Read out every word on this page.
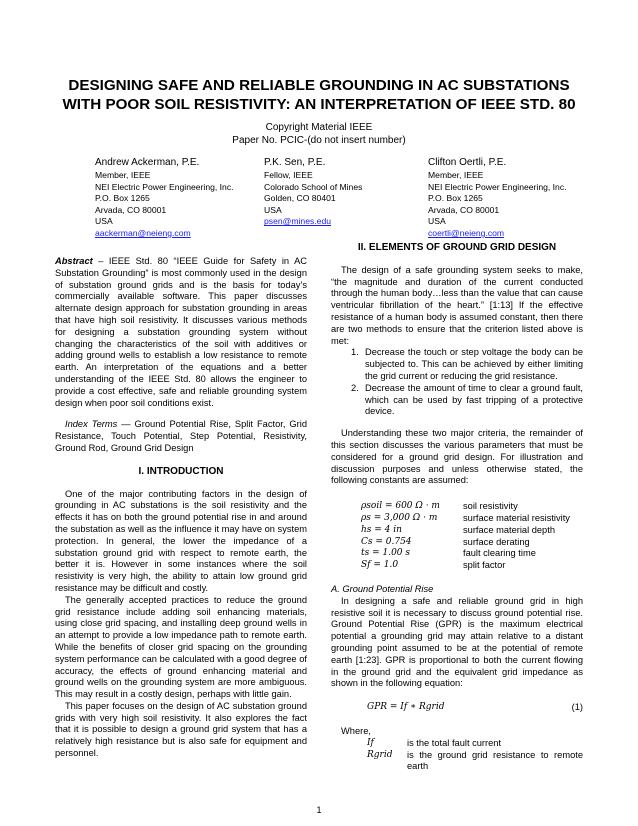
DESIGNING SAFE AND RELIABLE GROUNDING IN AC SUBSTATIONS
WITH POOR SOIL RESISTIVITY: AN INTERPRETATION OF IEEE STD. 80
Copyright Material IEEE
Paper No. PCIC-(do not insert number)
Andrew Ackerman, P.E.
Member, IEEE
NEI Electric Power Engineering, Inc.
P.O. Box 1265
Arvada, CO 80001
USA
aackerman@neieng.com
P.K. Sen, P.E.
Fellow, IEEE
Colorado School of Mines
Golden, CO 80401
USA
psen@mines.edu
Clifton Oertli, P.E.
Member, IEEE
NEI Electric Power Engineering, Inc.
P.O. Box 1265
Arvada, CO 80001
USA
coertli@neieng.com

Abstract – IEEE Std. 80 “IEEE Guide for Safety in AC Substation Grounding” is most commonly used in the design of substation ground grids and is the basis for today’s commercially available software. This paper discusses alternate design approach for substation grounding in areas that have high soil resistivity. It discusses various methods for designing a substation grounding system without changing the characteristics of the soil with additives or adding ground wells to establish a low resistance to remote earth. An interpretation of the equations and a better understanding of the IEEE Std. 80 allows the engineer to provide a cost effective, safe and reliable grounding system design when poor soil conditions exist.

Index Terms — Ground Potential Rise, Split Factor, Grid Resistance, Touch Potential, Step Potential, Resistivity, Ground Rod, Ground Grid Design

I. INTRODUCTION

One of the major contributing factors in the design of grounding in AC substations is the soil resistivity and the effects it has on both the ground potential rise in and around the substation as well as the influence it may have on system protection. In general, the lower the impedance of a substation ground grid with respect to remote earth, the better it is. However in some instances where the soil resistivity is very high, the ability to attain low ground grid resistance may be difficult and costly.

The generally accepted practices to reduce the ground grid resistance include adding soil enhancing materials, using close grid spacing, and installing deep ground wells in an attempt to provide a low impedance path to remote earth. While the benefits of closer grid spacing on the grounding system performance can be calculated with a good degree of accuracy, the effects of ground enhancing material and ground wells on the grounding system are more ambiguous. This may result in a costly design, perhaps with little gain.

This paper focuses on the design of AC substation ground grids with very high soil resistivity. It also explores the fact that it is possible to design a ground grid system that has a relatively high resistance but is also safe for equipment and personnel.

II. ELEMENTS OF GROUND GRID DESIGN

The design of a safe grounding system seeks to make, “the magnitude and duration of the current conducted through the human body…less than the value that can cause ventricular fibrillation of the heart.” [1:13] If the effective resistance of a human body is assumed constant, then there are two methods to ensure that the criterion listed above is met:

1. Decrease the touch or step voltage the body can be subjected to. This can be achieved by either limiting the grid current or reducing the grid resistance.
2. Decrease the amount of time to clear a ground fault, which can be used by fast tripping of a protective device.

Understanding these two major criteria, the remainder of this section discusses the various parameters that must be considered for a ground grid design. For illustration and discussion purposes and unless otherwise stated, the following constants are assumed:

ρsoil = 600 Ω · m	soil resistivity
ρs = 3,000 Ω · m	surface material resistivity
hs = 4 in	surface material depth
Cs = 0.754	surface derating
ts = 1.00 s	fault clearing time
Sf = 1.0	split factor

A. Ground Potential Rise

In designing a safe and reliable ground grid in high resistive soil it is necessary to discuss ground potential rise. Ground Potential Rise (GPR) is the maximum electrical potential a grounding grid may attain relative to a distant grounding point assumed to be at the potential of remote earth [1:23]. GPR is proportional to both the current flowing in the ground grid and the equivalent grid impedance as shown in the following equation:

GPR = If ∗ Rgrid	(1)

Where,

If	is the total fault current
Rgrid	is the ground grid resistance to remote earth
1
